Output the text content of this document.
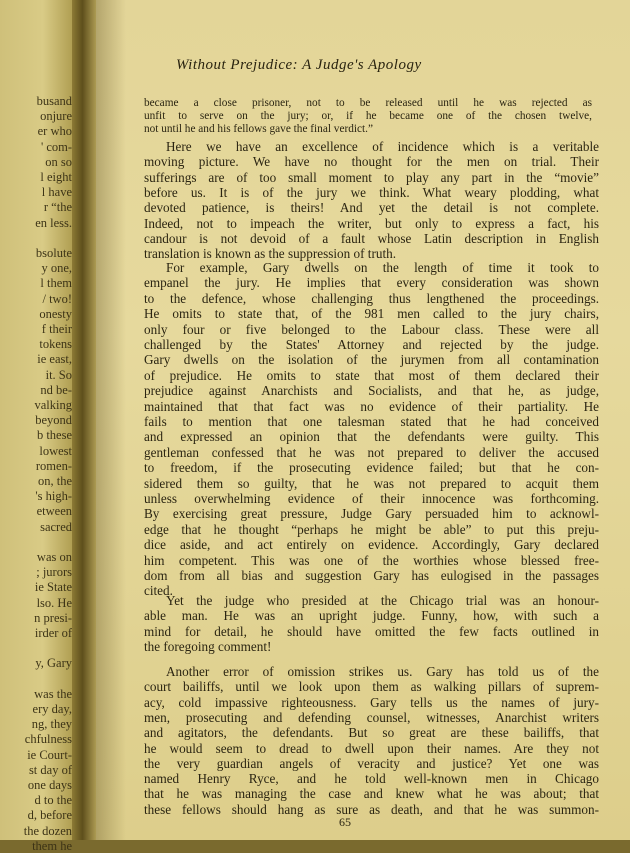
busand
onjure
er who
' com-
on so
l eight
l have
r “the
en less.
bsolute
y one,
l them
/ two!
onesty
f their
tokens
ie east,
it. So
nd be-
valking
beyond
b these
lowest
romen-
on, the
's high-
etween
sacred
was on
; jurors
ie State
lso. He
n presi-
irder of
y, Gary
was the
ery day,
ng, they
chfulness
ie Court-
st day of
one days
d to the
d, before
the dozen
them he
Without Prejudice: A Judge's Apology
65
became a close prisoner, not to be released until he was rejected as
unfit to serve on the jury; or, if he became one of the chosen twelve,
not until he and his fellows gave the final verdict.”
Here we have an excellence of incidence which is a veritable
moving picture. We have no thought for the men on trial. Their
sufferings are of too small moment to play any part in the “movie”
before us. It is of the jury we think. What weary plodding, what
devoted patience, is theirs! And yet the detail is not complete.
Indeed, not to impeach the writer, but only to express a fact, his
candour is not devoid of a fault whose Latin description in English
translation is known as the suppression of truth.
For example, Gary dwells on the length of time it took to
empanel the jury. He implies that every consideration was shown
to the defence, whose challenging thus lengthened the proceedings.
He omits to state that, of the 981 men called to the jury chairs,
only four or five belonged to the Labour class. These were all
challenged by the States' Attorney and rejected by the judge.
Gary dwells on the isolation of the jurymen from all contamination
of prejudice. He omits to state that most of them declared their
prejudice against Anarchists and Socialists, and that he, as judge,
maintained that that fact was no evidence of their partiality. He
fails to mention that one talesman stated that he had conceived
and expressed an opinion that the defendants were guilty. This
gentleman confessed that he was not prepared to deliver the accused
to freedom, if the prosecuting evidence failed; but that he con-
sidered them so guilty, that he was not prepared to acquit them
unless overwhelming evidence of their innocence was forthcoming.
By exercising great pressure, Judge Gary persuaded him to acknowl-
edge that he thought “perhaps he might be able” to put this preju-
dice aside, and act entirely on evidence. Accordingly, Gary declared
him competent. This was one of the worthies whose blessed free-
dom from all bias and suggestion Gary has eulogised in the passages
cited.
Yet the judge who presided at the Chicago trial was an honour-
able man. He was an upright judge. Funny, how, with such a
mind for detail, he should have omitted the few facts outlined in
the foregoing comment!
Another error of omission strikes us. Gary has told us of the
court bailiffs, until we look upon them as walking pillars of suprem-
acy, cold impassive righteousness. Gary tells us the names of jury-
men, prosecuting and defending counsel, witnesses, Anarchist writers
and agitators, the defendants. But so great are these bailiffs, that
he would seem to dread to dwell upon their names. Are they not
the very guardian angels of veracity and justice? Yet one was
named Henry Ryce, and he told well-known men in Chicago
that he was managing the case and knew what he was about; that
these fellows should hang as sure as death, and that he was summon-
